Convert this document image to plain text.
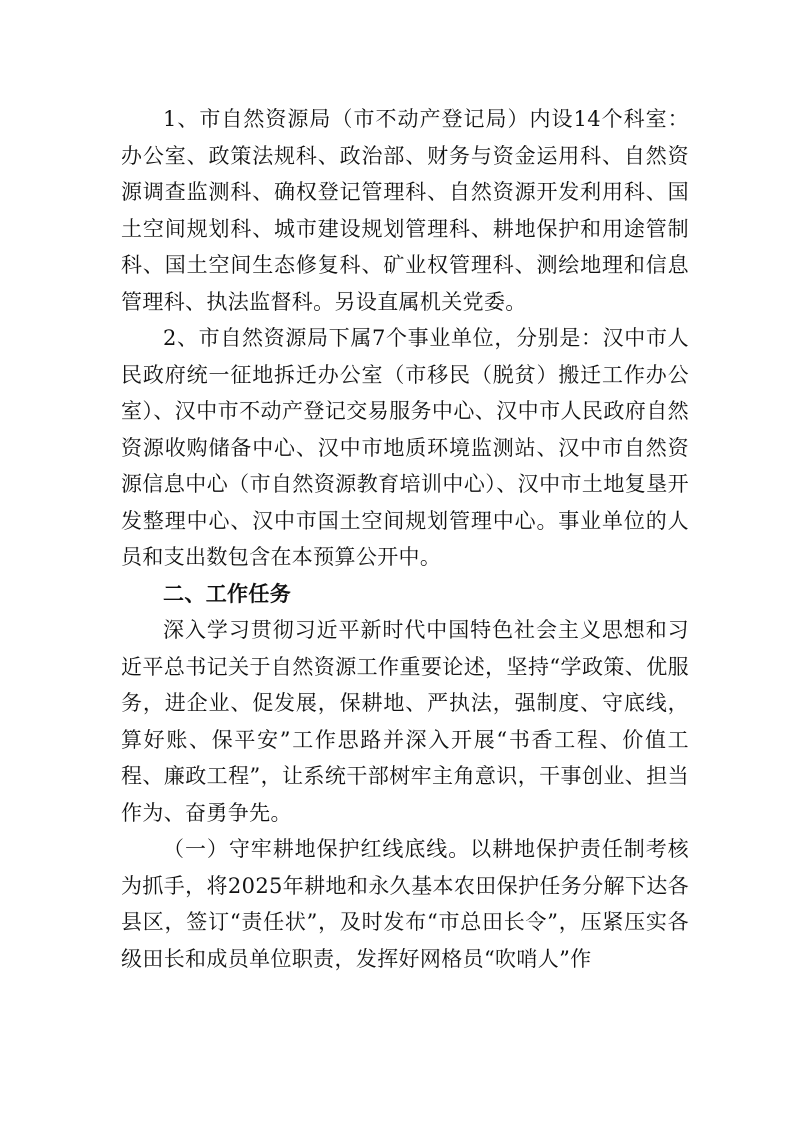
1、市自然资源局（市不动产登记局）内设14个科室：办公室、政策法规科、政治部、财务与资金运用科、自然资源调查监测科、确权登记管理科、自然资源开发利用科、国土空间规划科、城市建设规划管理科、耕地保护和用途管制科、国土空间生态修复科、矿业权管理科、测绘地理和信息管理科、执法监督科。另设直属机关党委。

2、市自然资源局下属7个事业单位，分别是：汉中市人民政府统一征地拆迁办公室（市移民（脱贫）搬迁工作办公室）、汉中市不动产登记交易服务中心、汉中市人民政府自然资源收购储备中心、汉中市地质环境监测站、汉中市自然资源信息中心（市自然资源教育培训中心）、汉中市土地复垦开发整理中心、汉中市国土空间规划管理中心。事业单位的人员和支出数包含在本预算公开中。

二、工作任务

深入学习贯彻习近平新时代中国特色社会主义思想和习近平总书记关于自然资源工作重要论述，坚持“学政策、优服务，进企业、促发展，保耕地、严执法，强制度、守底线，算好账、保平安”工作思路并深入开展“书香工程、价值工程、廉政工程”，让系统干部树牢主角意识，干事创业、担当作为、奋勇争先。

（一）守牢耕地保护红线底线。以耕地保护责任制考核为抓手，将2025年耕地和永久基本农田保护任务分解下达各县区，签订“责任状”，及时发布“市总田长令”，压紧压实各级田长和成员单位职责，发挥好网格员“吹哨人”作
